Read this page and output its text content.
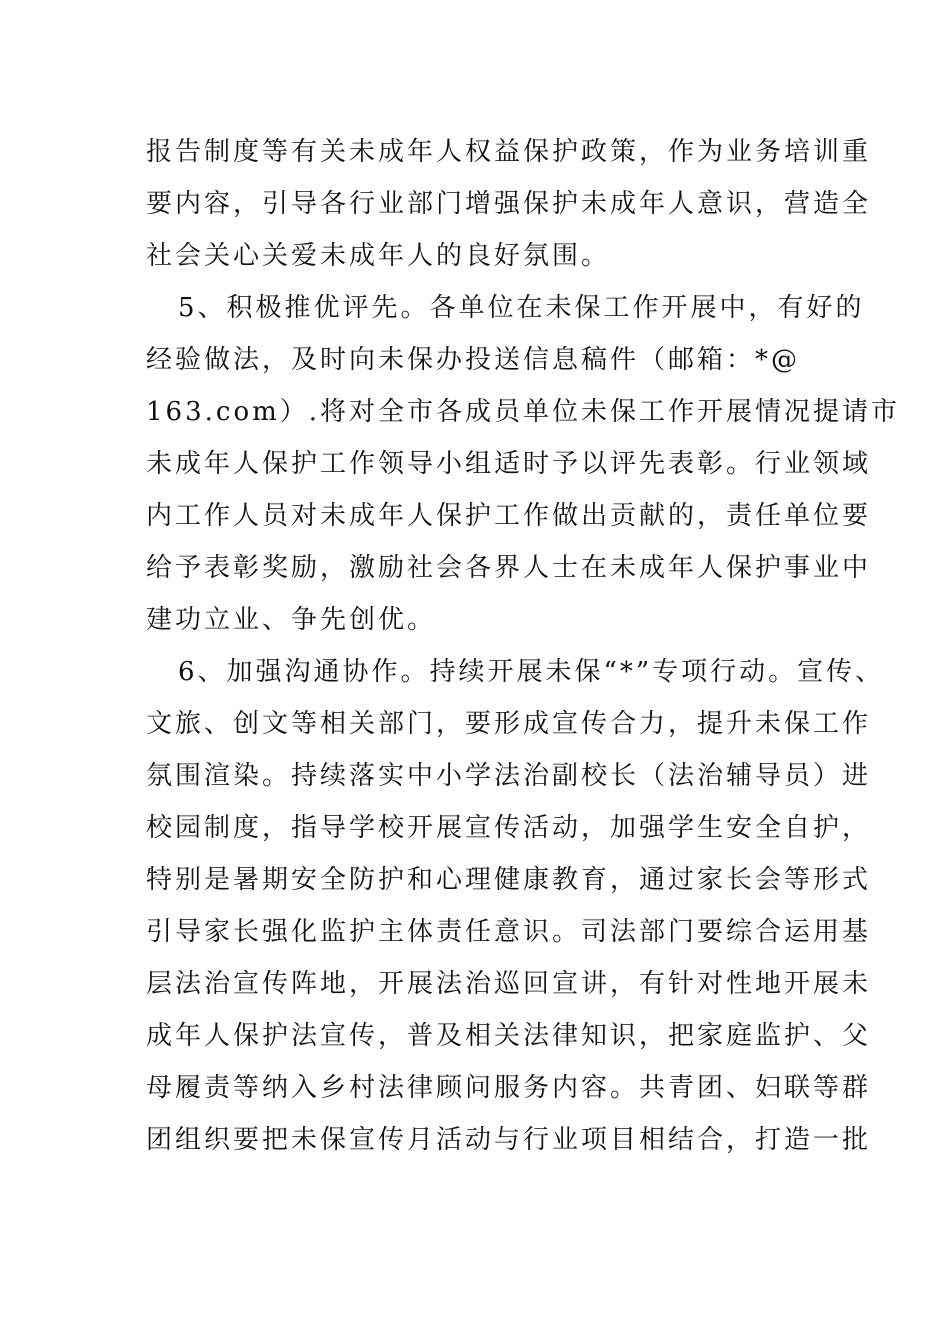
报告制度等有关未成年人权益保护政策，作为业务培训重
要内容，引导各行业部门增强保护未成年人意识，营造全
社会关心关爱未成年人的良好氛围。
5、积极推优评先。各单位在未保工作开展中，有好的
经验做法，及时向未保办投送信息稿件（邮箱：*@
163.com）.将对全市各成员单位未保工作开展情况提请市
未成年人保护工作领导小组适时予以评先表彰。行业领域
内工作人员对未成年人保护工作做出贡献的，责任单位要
给予表彰奖励，激励社会各界人士在未成年人保护事业中
建功立业、争先创优。
6、加强沟通协作。持续开展未保“*”专项行动。宣传、
文旅、创文等相关部门，要形成宣传合力，提升未保工作
氛围渲染。持续落实中小学法治副校长（法治辅导员）进
校园制度，指导学校开展宣传活动，加强学生安全自护，
特别是暑期安全防护和心理健康教育，通过家长会等形式
引导家长强化监护主体责任意识。司法部门要综合运用基
层法治宣传阵地，开展法治巡回宣讲，有针对性地开展未
成年人保护法宣传，普及相关法律知识，把家庭监护、父
母履责等纳入乡村法律顾问服务内容。共青团、妇联等群
团组织要把未保宣传月活动与行业项目相结合，打造一批
